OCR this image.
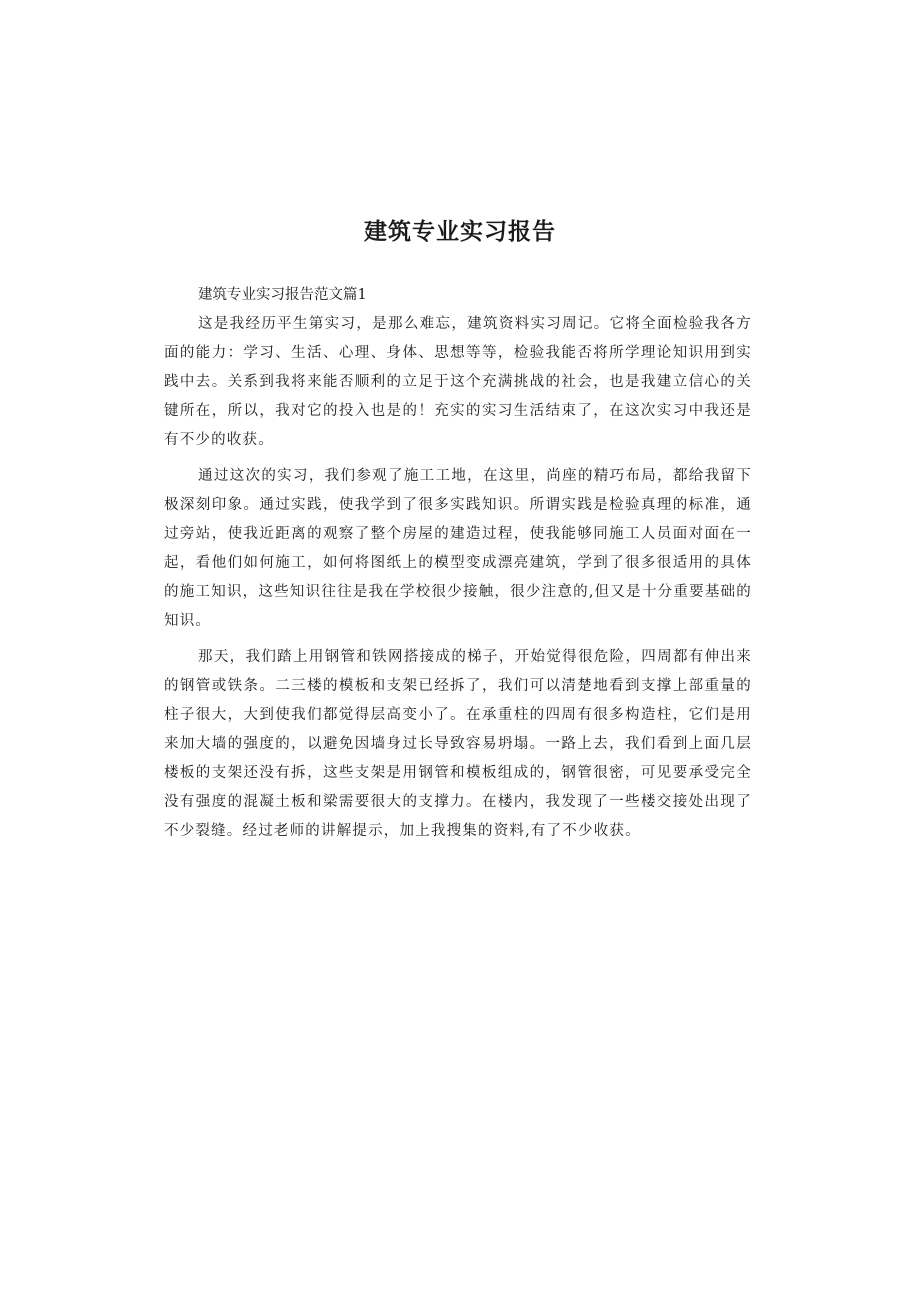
建筑专业实习报告

建筑专业实习报告范文篇1

这是我经历平生第实习，是那么难忘，建筑资料实习周记。它将全面检验我各方面的能力：学习、生活、心理、身体、思想等等，检验我能否将所学理论知识用到实践中去。关系到我将来能否顺利的立足于这个充满挑战的社会，也是我建立信心的关键所在，所以，我对它的投入也是的！充实的实习生活结束了，在这次实习中我还是有不少的收获。

通过这次的实习，我们参观了施工工地，在这里，尚座的精巧布局，都给我留下极深刻印象。通过实践，使我学到了很多实践知识。所谓实践是检验真理的标准，通过旁站，使我近距离的观察了整个房屋的建造过程，使我能够同施工人员面对面在一起，看他们如何施工，如何将图纸上的模型变成漂亮建筑，学到了很多很适用的具体的施工知识，这些知识往往是我在学校很少接触，很少注意的,但又是十分重要基础的知识。

那天，我们踏上用钢管和铁网搭接成的梯子，开始觉得很危险，四周都有伸出来的钢管或铁条。二三楼的模板和支架已经拆了，我们可以清楚地看到支撑上部重量的柱子很大，大到使我们都觉得层高变小了。在承重柱的四周有很多构造柱，它们是用来加大墙的强度的，以避免因墙身过长导致容易坍塌。一路上去，我们看到上面几层楼板的支架还没有拆，这些支架是用钢管和模板组成的，钢管很密，可见要承受完全没有强度的混凝土板和梁需要很大的支撑力。在楼内，我发现了一些楼交接处出现了不少裂缝。经过老师的讲解提示，加上我搜集的资料,有了不少收获。
